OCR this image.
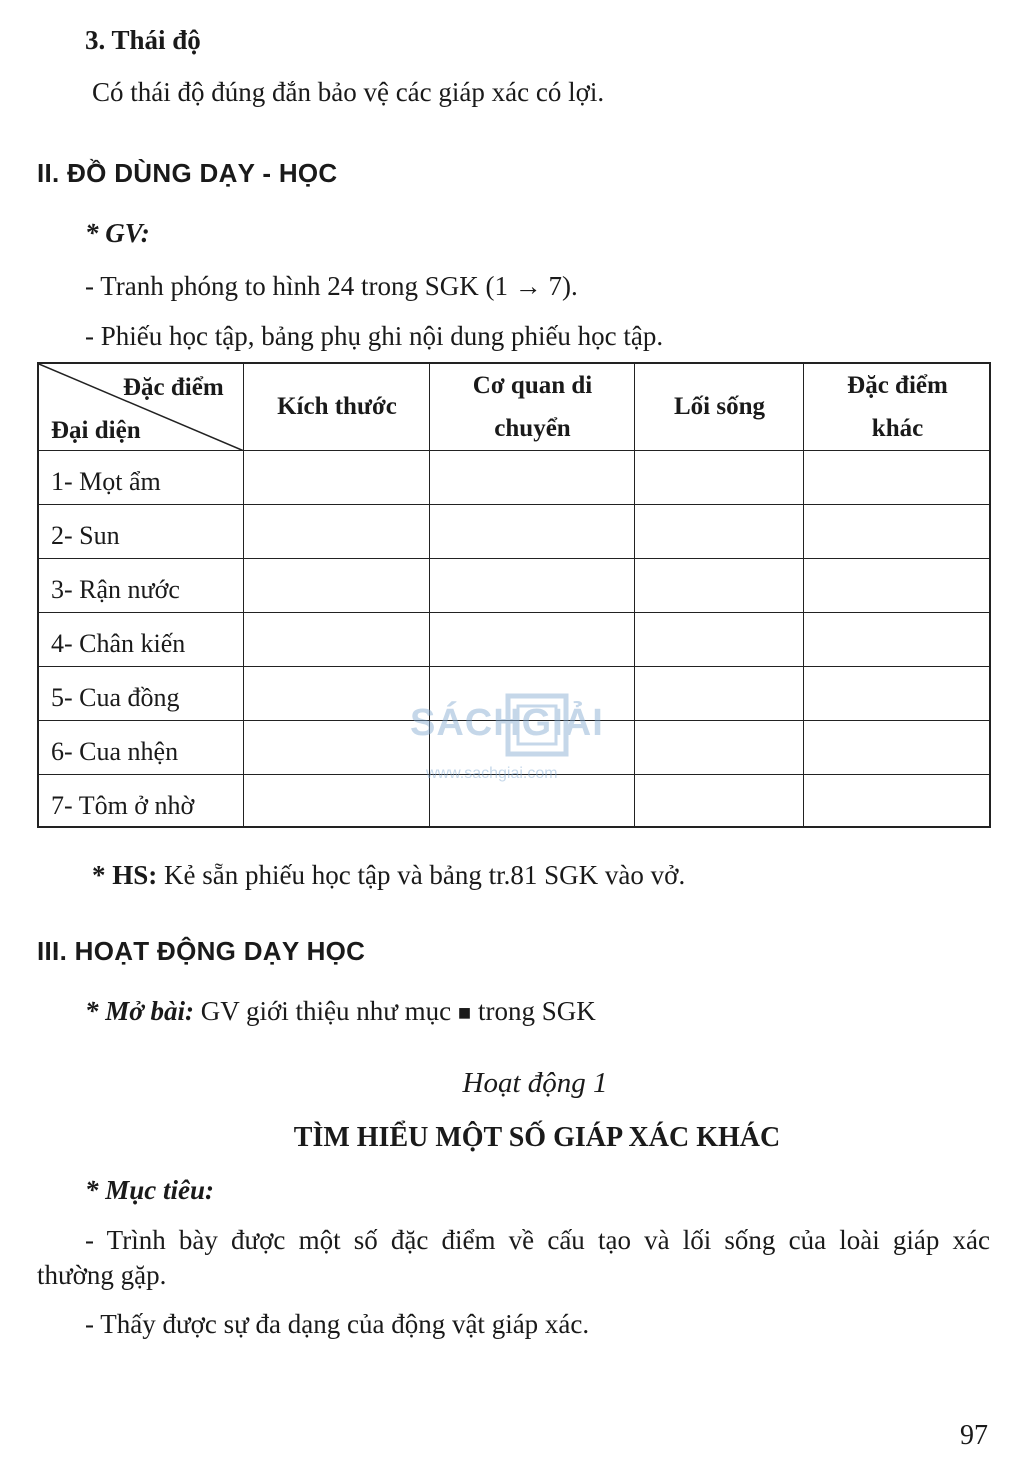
3. Thái độ
Có thái độ đúng đắn bảo vệ các giáp xác có lợi.
II. ĐỒ DÙNG DẠY - HỌC
* GV:
- Tranh phóng to hình 24 trong SGK (1 → 7).
- Phiếu học tập, bảng phụ ghi nội dung phiếu học tập.
Đặc điểm
Đại diện
Kích thước
Cơ quan di
chuyển
Lối sống
Đặc điểm
khác
1- Mọt ẩm
2- Sun
3- Rận nước
4- Chân kiến
5- Cua đồng
6- Cua nhện
7- Tôm ở nhờ
SÁCHGIẢI
www.sachgiai.com
* HS: Kẻ sẵn phiếu học tập và bảng tr.81 SGK vào vở.
III. HOẠT ĐỘNG DẠY HỌC
* Mở bài: GV giới thiệu như mục ■ trong SGK
Hoạt động 1
TÌM HIỂU MỘT SỐ GIÁP XÁC KHÁC
* Mục tiêu:
- Trình bày được một số đặc điểm về cấu tạo và lối sống của loài giáp xác
thường gặp.
- Thấy được sự đa dạng của động vật giáp xác.
97
